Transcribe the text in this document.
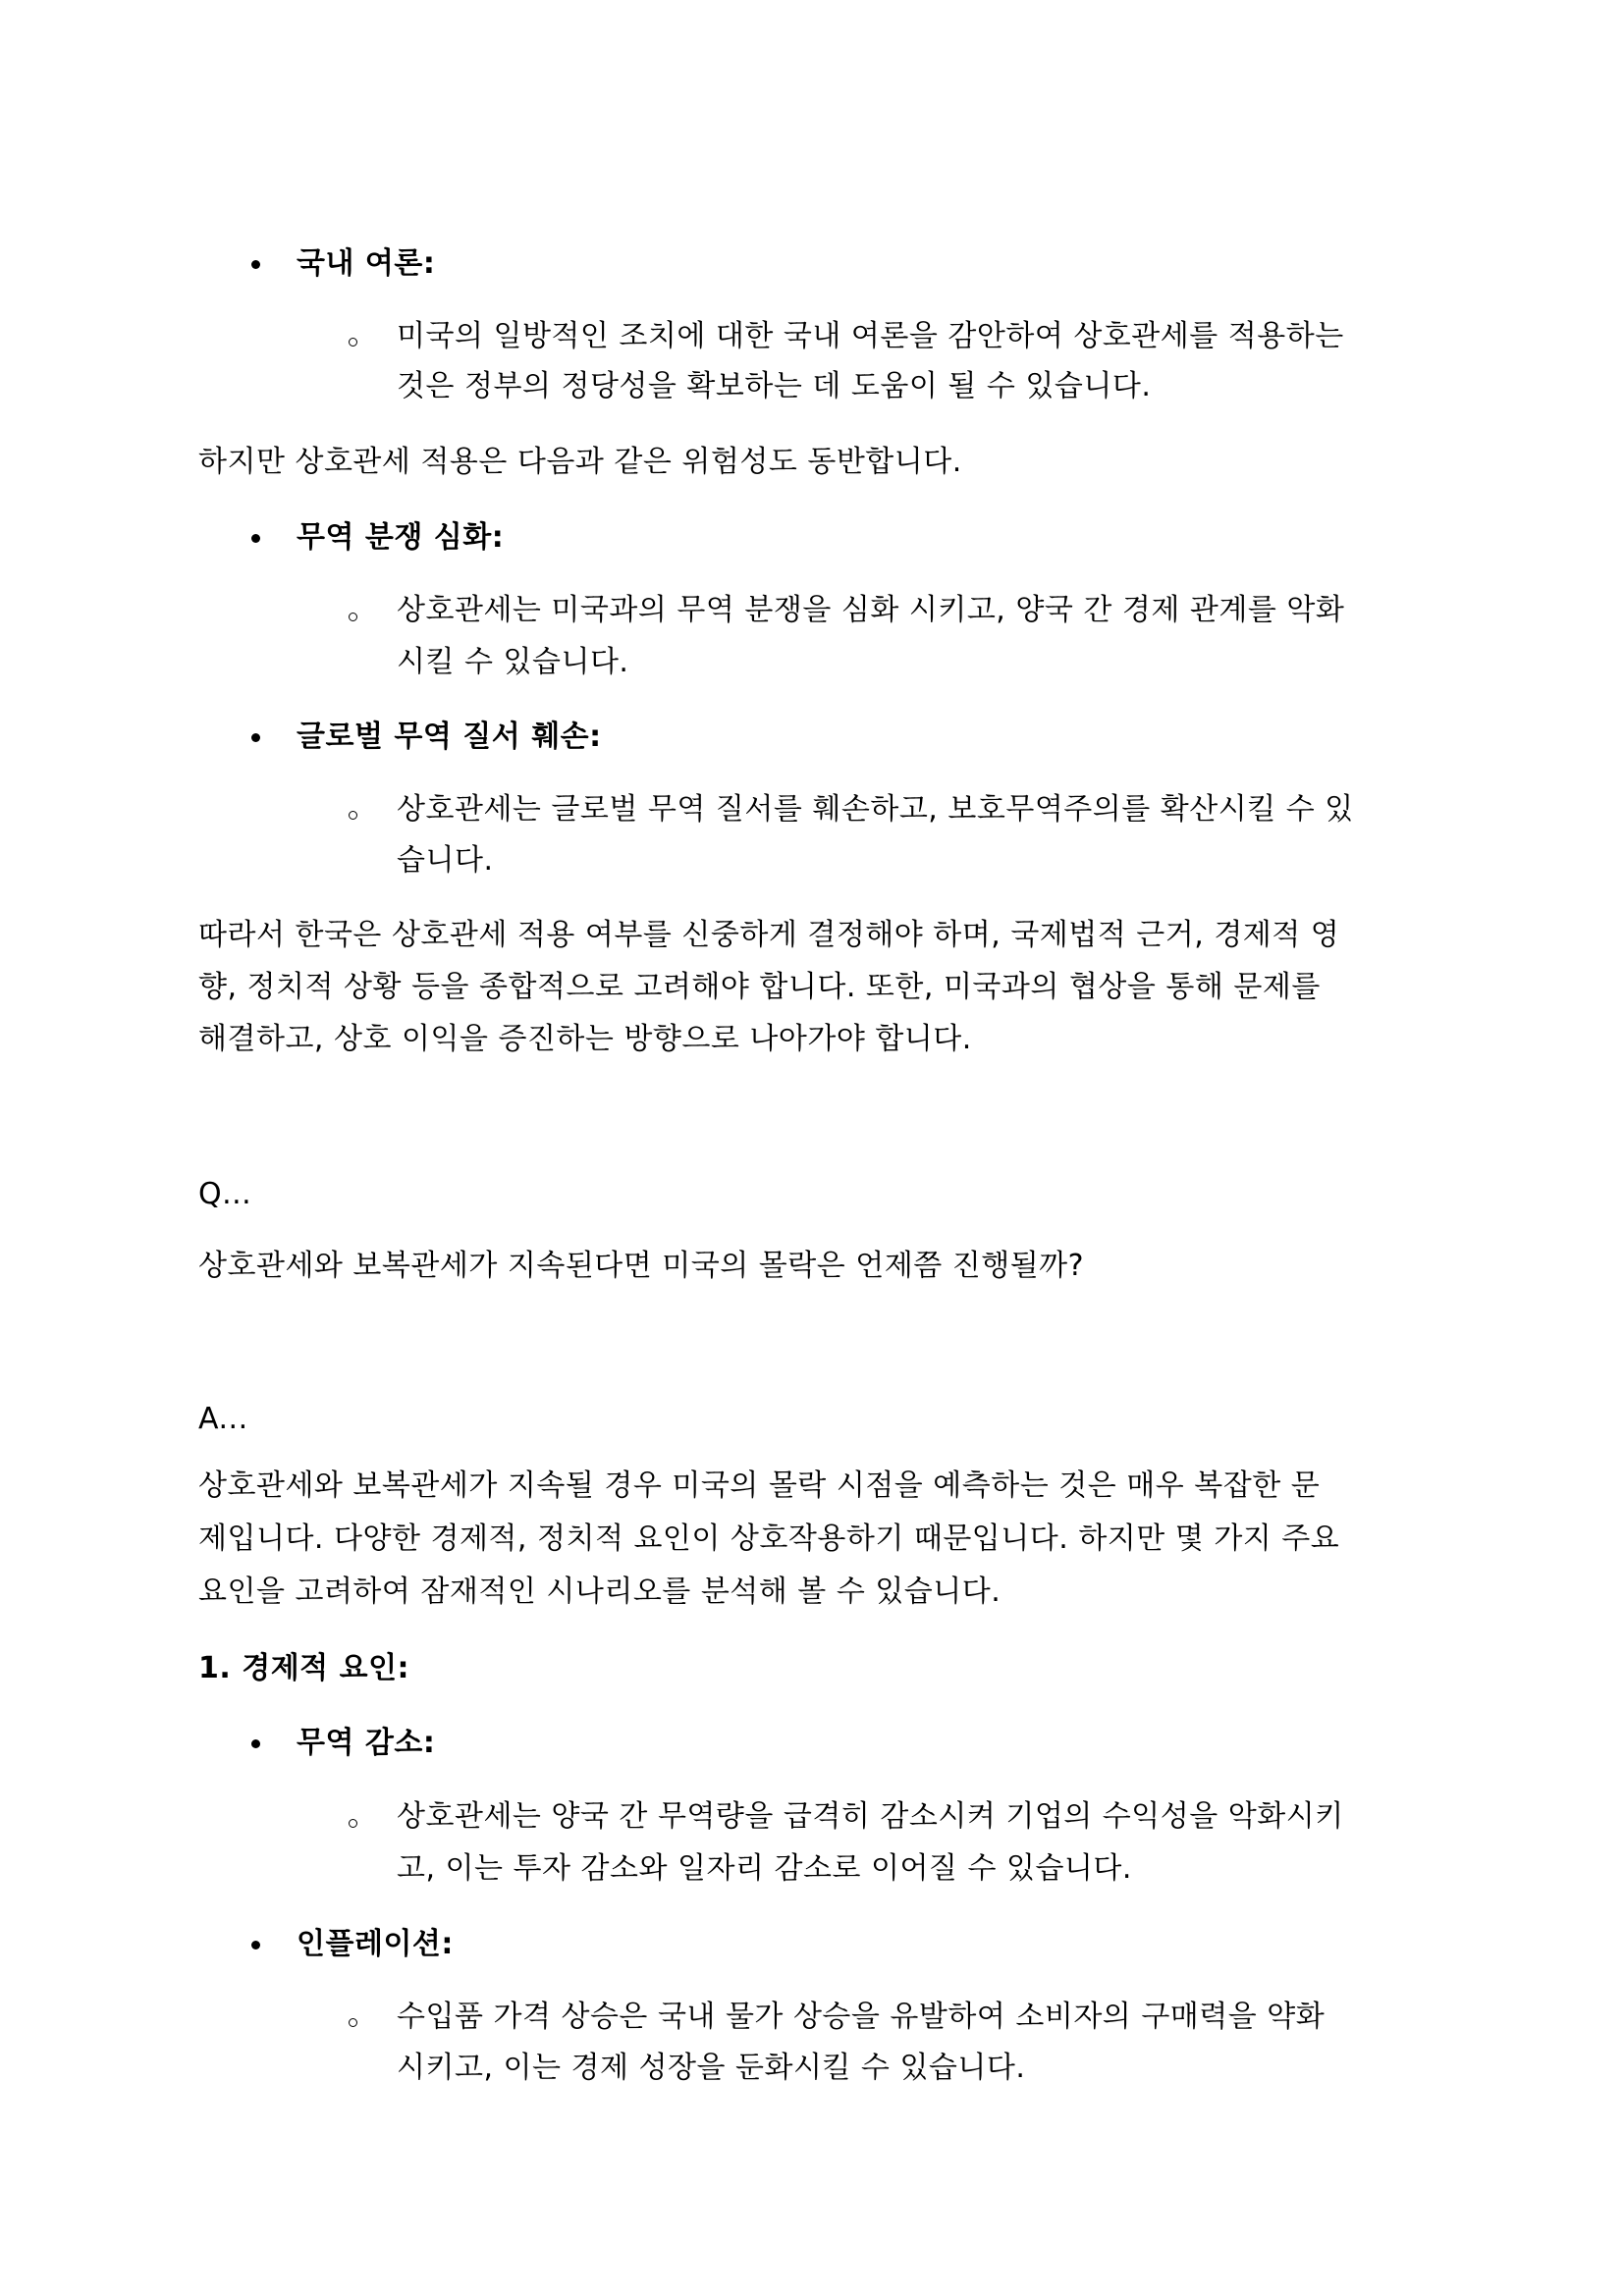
국내 여론:
미국의 일방적인 조치에 대한 국내 여론을 감안하여 상호관세를 적용하는
것은 정부의 정당성을 확보하는 데 도움이 될 수 있습니다.
하지만 상호관세 적용은 다음과 같은 위험성도 동반합니다.
무역 분쟁 심화:
상호관세는 미국과의 무역 분쟁을 심화 시키고, 양국 간 경제 관계를 악화
시킬 수 있습니다.
글로벌 무역 질서 훼손:
상호관세는 글로벌 무역 질서를 훼손하고, 보호무역주의를 확산시킬 수 있
습니다.
따라서 한국은 상호관세 적용 여부를 신중하게 결정해야 하며, 국제법적 근거, 경제적 영
향, 정치적 상황 등을 종합적으로 고려해야 합니다. 또한, 미국과의 협상을 통해 문제를
해결하고, 상호 이익을 증진하는 방향으로 나아가야 합니다.
Q...
상호관세와 보복관세가 지속된다면 미국의 몰락은 언제쯤 진행될까?
A...
상호관세와 보복관세가 지속될 경우 미국의 몰락 시점을 예측하는 것은 매우 복잡한 문
제입니다. 다양한 경제적, 정치적 요인이 상호작용하기 때문입니다. 하지만 몇 가지 주요
요인을 고려하여 잠재적인 시나리오를 분석해 볼 수 있습니다.
1. 경제적 요인:
무역 감소:
상호관세는 양국 간 무역량을 급격히 감소시켜 기업의 수익성을 악화시키
고, 이는 투자 감소와 일자리 감소로 이어질 수 있습니다.
인플레이션:
수입품 가격 상승은 국내 물가 상승을 유발하여 소비자의 구매력을 약화
시키고, 이는 경제 성장을 둔화시킬 수 있습니다.
